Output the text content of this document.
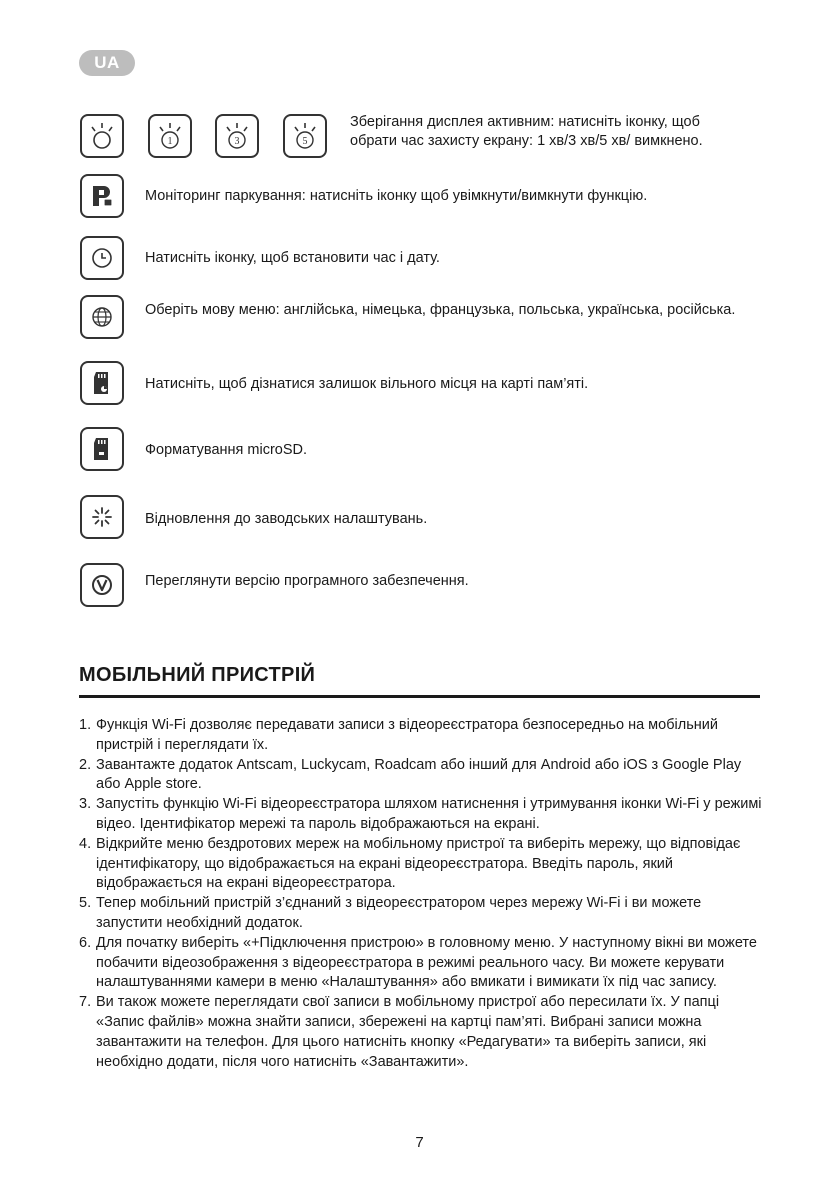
UA
1	3	5
Зберігання дисплея активним: натисніть іконку, щоб обрати час захисту екрану: 1 хв/3 хв/5 хв/ вимкнено.
Моніторинг паркування: натисніть іконку щоб увімкнути/вимкнути функцію.
Натисніть іконку, щоб встановити час і дату.
Оберіть мову меню: англійська, німецька, французька, польська, українська, російська.
Натисніть, щоб дізнатися залишок вільного місця на карті пам’яті.
Форматування microSD.
Відновлення до заводських налаштувань.
Переглянути версію програмного забезпечення.
МОБІЛЬНИЙ ПРИСТРІЙ
1. Функція Wi-Fi дозволяє передавати записи з відеореєстратора безпосередньо на мобільний пристрій і переглядати їх.
2. Завантажте додаток Antscam, Luckycam, Roadcam або інший для Android або iOS з Google Play або Apple store.
3. Запустіть функцію Wi-Fi відеореєстратора шляхом натиснення і утримування іконки Wi-Fi у режимі відео. Ідентифікатор мережі та пароль відображаються на екрані.
4. Відкрийте меню бездротових мереж на мобільному пристрої та виберіть мережу, що відповідає ідентифікатору, що відображається на екрані відеореєстратора. Введіть пароль, який відображається на екрані відеореєстратора.
5. Тепер мобільний пристрій з’єднаний з відеореєстратором через мережу Wi-Fi і ви можете запустити необхідний додаток.
6. Для початку виберіть «+Підключення пристрою» в головному меню. У наступному вікні ви можете побачити відеозображення з відеореєстратора в режимі реального часу. Ви можете керувати налаштуваннями камери в меню «Налаштування» або вмикати і вимикати їх під час запису.
7. Ви також можете переглядати свої записи в мобільному пристрої або пересилати їх. У папці «Запис файлів» можна знайти записи, збережені на картці пам’яті. Вибрані записи можна завантажити на телефон. Для цього натисніть кнопку «Редагувати» та виберіть записи, які необхідно додати, після чого натисніть «Завантажити».
7
